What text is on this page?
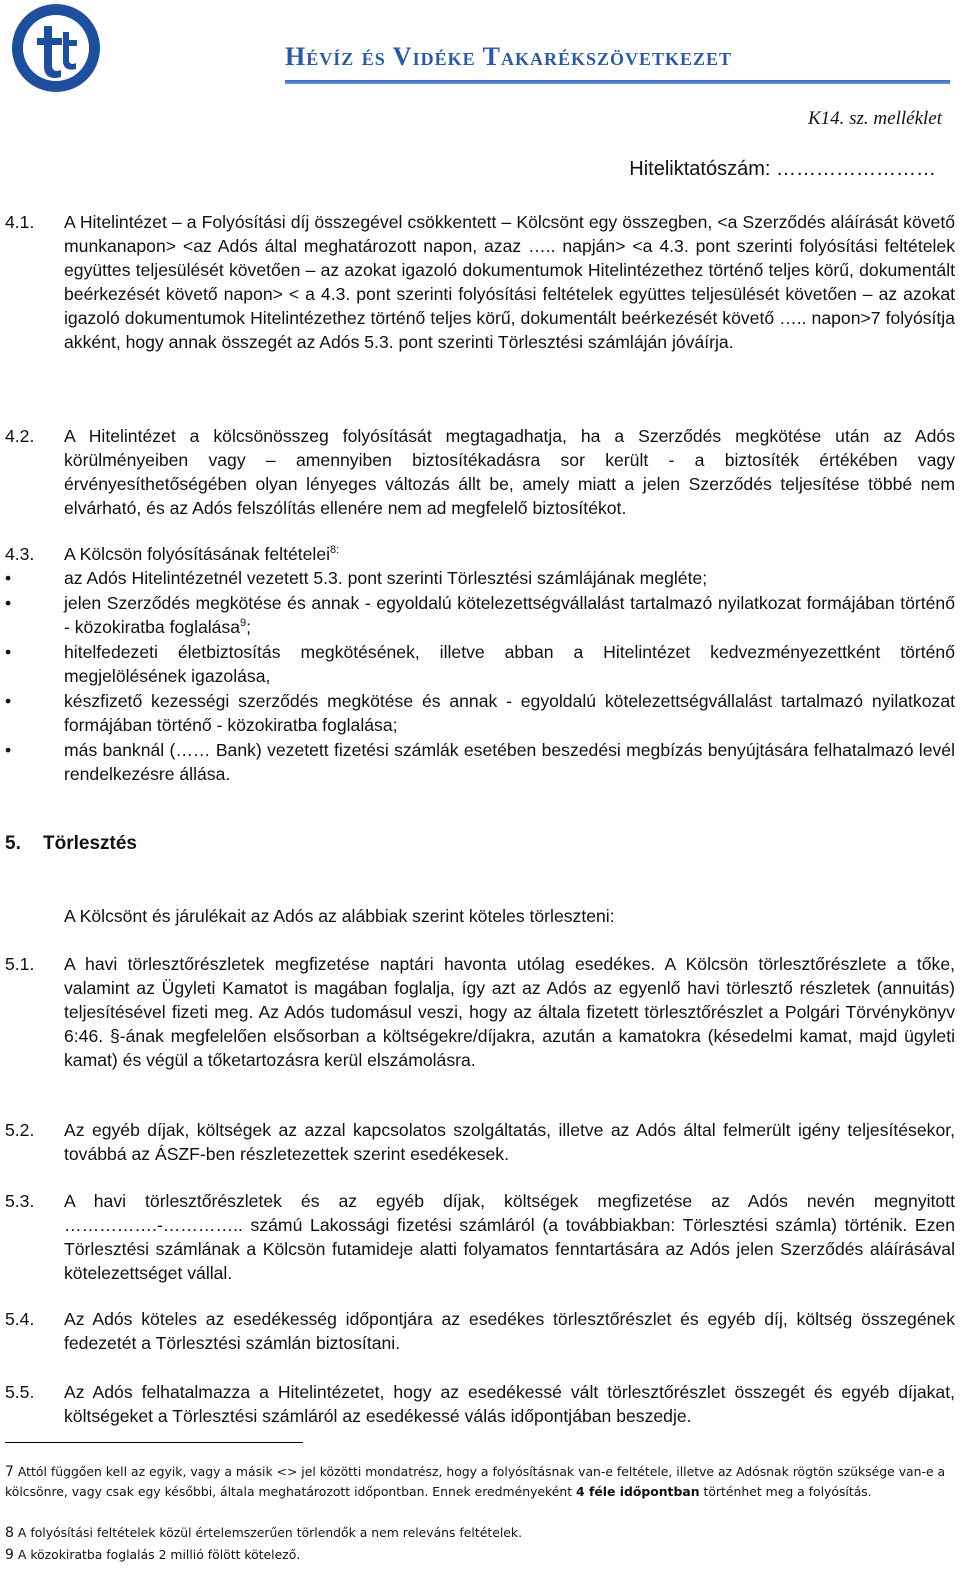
Hévíz és Vidéke Takarékszövetkezet
K14. sz. melléklet
Hiteliktatószám: ……………………
4.1. A Hitelintézet – a Folyósítási díj összegével csökkentett – Kölcsönt egy összegben, <a Szerződés aláírását követő munkanapon> <az Adós által meghatározott napon, azaz ….. napján> <a 4.3. pont szerinti folyósítási feltételek együttes teljesülését követően – az azokat igazoló dokumentumok Hitelintézethez történő teljes körű, dokumentált beérkezését követő napon> < a 4.3. pont szerinti folyósítási feltételek együttes teljesülését követően – az azokat igazoló dokumentumok Hitelintézethez történő teljes körű, dokumentált beérkezését követő ….. napon>7 folyósítja akként, hogy annak összegét az Adós 5.3. pont szerinti Törlesztési számláján jóváírja.
4.2. A Hitelintézet a kölcsönösszeg folyósítását megtagadhatja, ha a Szerződés megkötése után az Adós körülményeiben vagy – amennyiben biztosítékadásra sor került - a biztosíték értékében vagy érvényesíthetőségében olyan lényeges változás állt be, amely miatt a jelen Szerződés teljesítése többé nem elvárható, és az Adós felszólítás ellenére nem ad megfelelő biztosítékot.
4.3. A Kölcsön folyósításának feltételei$^{8:}$
•	az Adós Hitelintézetnél vezetett 5.3. pont szerinti Törlesztési számlájának megléte;
•	jelen Szerződés megkötése és annak - egyoldalú kötelezettségvállalást tartalmazó nyilatkozat formájában történő - közokiratba foglalása$^9$;
•	hitelfedezeti életbiztosítás megkötésének, illetve abban a Hitelintézet kedvezményezettként történő megjelölésének igazolása,
•	készfizető kezességi szerződés megkötése és annak - egyoldalú kötelezettségvállalást tartalmazó nyilatkozat formájában történő - közokiratba foglalása;
•	más banknál (…… Bank) vezetett fizetési számlák esetében beszedési megbízás benyújtására felhatalmazó levél rendelkezésre állása.
5. Törlesztés
A Kölcsönt és járulékait az Adós az alábbiak szerint köteles törleszteni:
5.1. A havi törlesztőrészletek megfizetése naptári havonta utólag esedékes. A Kölcsön törlesztőrészlete a tőke, valamint az Ügyleti Kamatot is magában foglalja, így azt az Adós az egyenlő havi törlesztő részletek (annuitás) teljesítésével fizeti meg. Az Adós tudomásul veszi, hogy az általa fizetett törlesztőrészlet a Polgári Törvénykönyv 6:46. §-ának megfelelően elsősorban a költségekre/díjakra, azután a kamatokra (késedelmi kamat, majd ügyleti kamat) és végül a tőketartozásra kerül elszámolásra.
5.2. Az egyéb díjak, költségek az azzal kapcsolatos szolgáltatás, illetve az Adós által felmerült igény teljesítésekor, továbbá az ÁSZF-ben részletezettek szerint esedékesek.
5.3. A havi törlesztőrészletek és az egyéb díjak, költségek megfizetése az Adós nevén megnyitott …………….-………….. számú Lakossági fizetési számláról (a továbbiakban: Törlesztési számla) történik. Ezen Törlesztési számlának a Kölcsön futamideje alatti folyamatos fenntartására az Adós jelen Szerződés aláírásával kötelezettséget vállal.
5.4. Az Adós köteles az esedékesség időpontjára az esedékes törlesztőrészlet és egyéb díj, költség összegének fedezetét a Törlesztési számlán biztosítani.
5.5. Az Adós felhatalmazza a Hitelintézetet, hogy az esedékessé vált törlesztőrészlet összegét és egyéb díjakat, költségeket a Törlesztési számláról az esedékessé válás időpontjában beszedje.
7 Attól függően kell az egyik, vagy a másik <> jel közötti mondatrész, hogy a folyósításnak van-e feltétele, illetve az Adósnak rögtön szüksége van-e a kölcsönre, vagy csak egy későbbi, általa meghatározott időpontban. Ennek eredményeként 4 féle időpontban történhet meg a folyósítás.
8 A folyósítási feltételek közül értelemszerűen törlendők a nem releváns feltételek.
9 A közokiratba foglalás 2 millió fölött kötelező.
